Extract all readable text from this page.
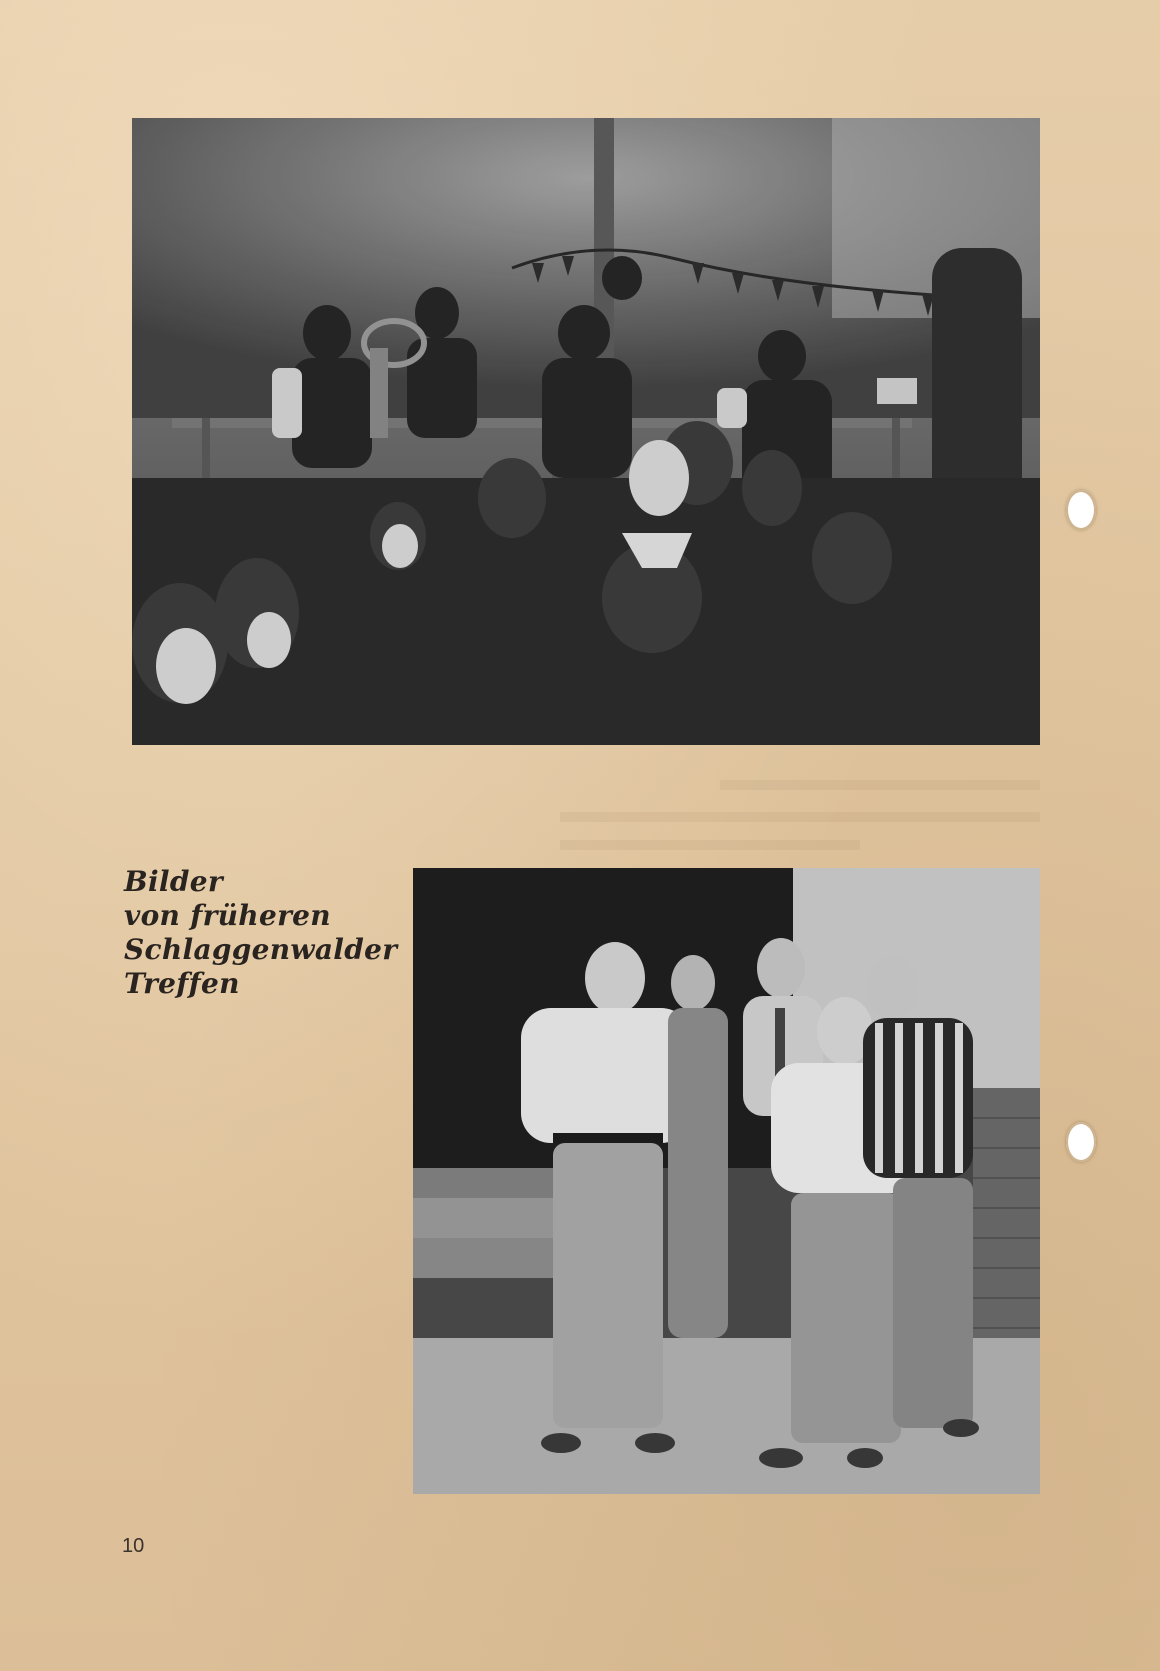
Bilder
von früheren
Schlaggenwalder
Treffen
10
